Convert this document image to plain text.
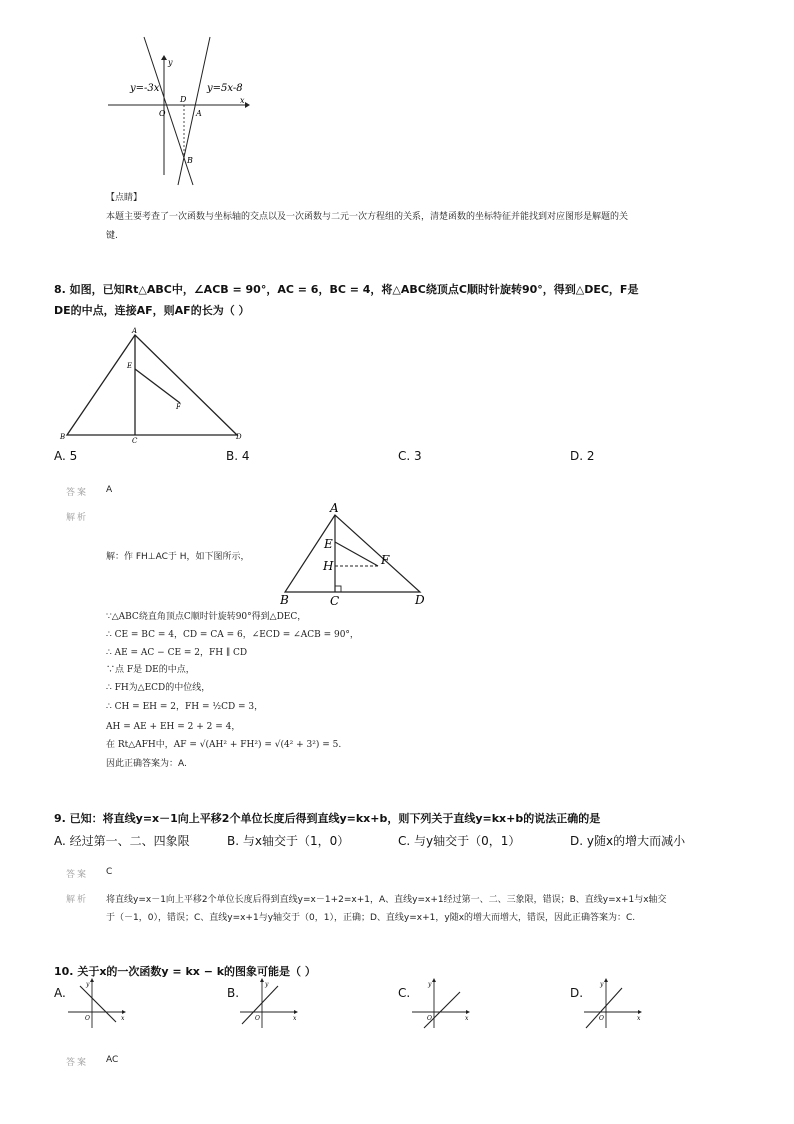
y=-3x	y=5x-8
x
y
O
D
A
B
【点睛】
本题主要考查了一次函数与坐标轴的交点以及一次函数与二元一次方程组的关系，清楚函数的坐标特征并能找到对应图形是解题的关
键.
8. 如图，已知Rt△ABC中，∠ACB = 90°，AC = 6，BC = 4，将△ABC绕顶点C顺时针旋转90°，得到△DEC，F是
DE的中点，连接AF，则AF的长为（ ）
A
E
F
B	C	D
A. 5	B. 4	C. 3	D. 2
答案 A
解析
解：作 FH⊥AC于 H，如下图所示，
A
E
H	F
B	C	D
∵△ABC绕直角顶点C顺时针旋转90°得到△DEC，
∴ CE = BC = 4，CD = CA = 6，∠ECD = ∠ACB = 90°，
∴ AE = AC − CE = 2，FH ∥ CD
∵点 F是 DE的中点，
∴ FH为△ECD的中位线，
∴ CH = EH = 2，FH = ½CD = 3，
AH = AE + EH = 2 + 2 = 4，
在 Rt△AFH中，AF = √(AH² + FH²) = √(4² + 3²) = 5.
因此正确答案为：A.
9. 已知：将直线y=x－1向上平移2个单位长度后得到直线y=kx+b，则下列关于直线y=kx+b的说法正确的是
A. 经过第一、二、四象限	B. 与x轴交于（1，0）	C. 与y轴交于（0，1）	D. y随x的增大而减小
答案 C
解析 将直线y=x－1向上平移2个单位长度后得到直线y=x－1+2=x+1，A、直线y=x+1经过第一、二、三象限，错误；B、直线y=x+1与x轴交
于（－1，0），错误；C、直线y=x+1与y轴交于（0，1），正确；D、直线y=x+1，y随x的增大而增大，错误，因此正确答案为：C.
10. 关于x的一次函数y = kx − k的图象可能是（ ）
A.
x
y
O
B.
x
y
O
C.
x
y
O
D.
x
y
O
答案 AC
